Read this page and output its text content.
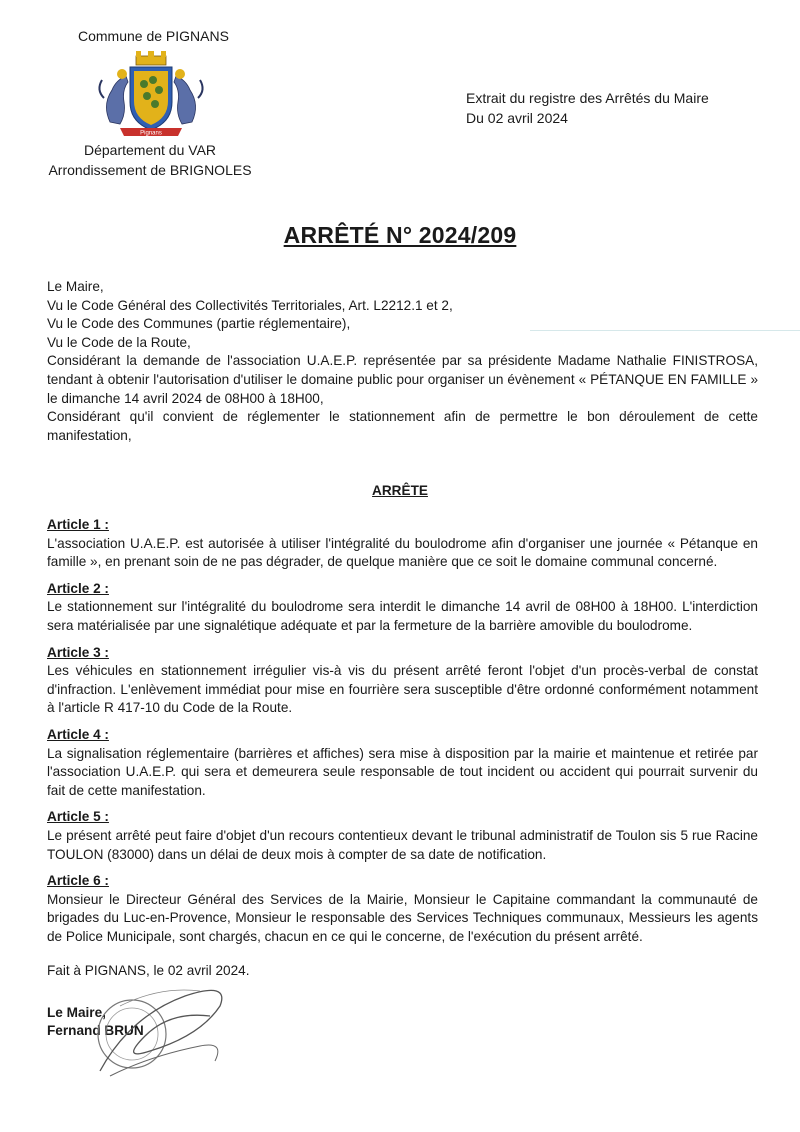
Commune de PIGNANS
Pignans
Département du VAR
Arrondissement de BRIGNOLES
Extrait du registre des Arrêtés du Maire
Du 02 avril 2024
ARRÊTÉ N° 2024/209

Le Maire,

Vu le Code Général des Collectivités Territoriales, Art. L2212.1 et 2,

Vu le Code des Communes (partie réglementaire),

Vu le Code de la Route,

Considérant la demande de l'association U.A.E.P. représentée par sa présidente Madame Nathalie FINISTROSA, tendant à obtenir l'autorisation d'utiliser le domaine public pour organiser un évènement « PÉTANQUE EN FAMILLE » le dimanche 14 avril 2024 de 08H00 à 18H00,

Considérant qu'il convient de réglementer le stationnement afin de permettre le bon déroulement de cette manifestation,

ARRÊTE
Article 1 :

L'association U.A.E.P. est autorisée à utiliser l'intégralité du boulodrome afin d'organiser une journée « Pétanque en famille », en prenant soin de ne pas dégrader, de quelque manière que ce soit le domaine communal concerné.

Article 2 :

Le stationnement sur l'intégralité du boulodrome sera interdit le dimanche 14 avril de 08H00 à 18H00. L'interdiction sera matérialisée par une signalétique adéquate et par la fermeture de la barrière amovible du boulodrome.

Article 3 :

Les véhicules en stationnement irrégulier vis-à vis du présent arrêté feront l'objet d'un procès-verbal de constat d'infraction. L'enlèvement immédiat pour mise en fourrière sera susceptible d'être ordonné conformément notamment à l'article R 417-10 du Code de la Route.

Article 4 :

La signalisation réglementaire (barrières et affiches) sera mise à disposition par la mairie et maintenue et retirée par l'association U.A.E.P. qui sera et demeurera seule responsable de tout incident ou accident qui pourrait survenir du fait de cette manifestation.

Article 5 :

Le présent arrêté peut faire d'objet d'un recours contentieux devant le tribunal administratif de Toulon sis 5 rue Racine TOULON (83000) dans un délai de deux mois à compter de sa date de notification.

Article 6 :

Monsieur le Directeur Général des Services de la Mairie, Monsieur le Capitaine commandant la communauté de brigades du Luc-en-Provence, Monsieur le responsable des Services Techniques communaux, Messieurs les agents de Police Municipale, sont chargés, chacun en ce qui le concerne, de l'exécution du présent arrêté.

Fait à PIGNANS, le 02 avril 2024.
Le Maire,
Fernand BRUN
